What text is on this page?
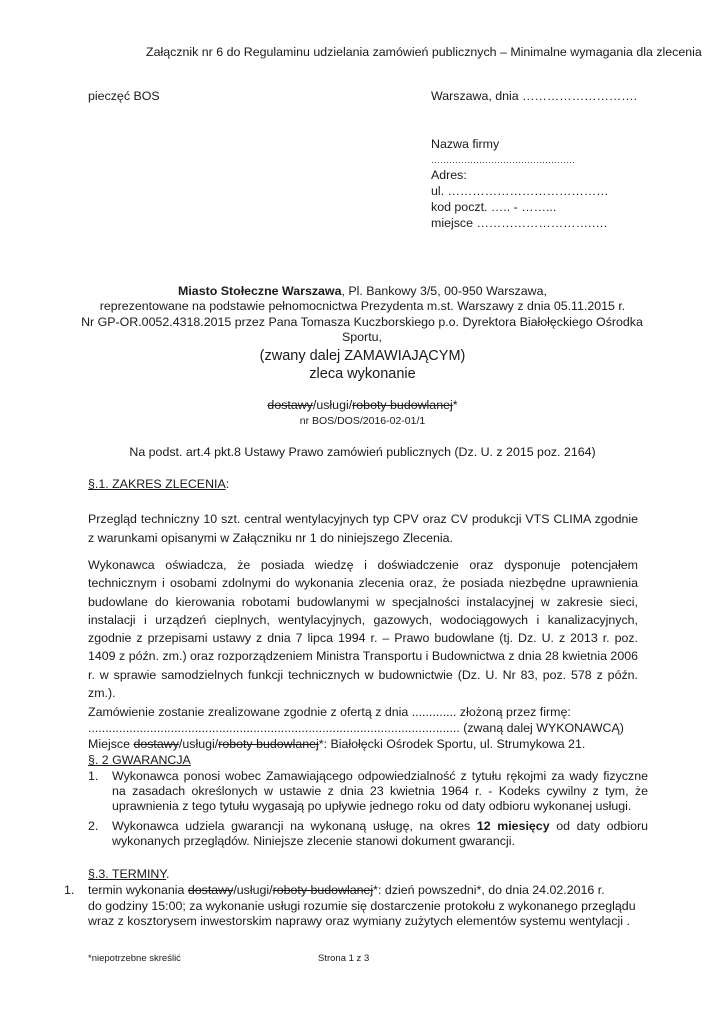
Załącznik nr 6 do Regulaminu udzielania zamówień publicznych – Minimalne wymagania dla zlecenia
pieczęć BOS	Warszawa, dnia ……………………….
Nazwa firmy
…………………………………………
Adres:
ul. …………………………………
kod poczt. ….. - ……...
miejsce ……………………….….
Miasto Stołeczne Warszawa, Pl. Bankowy 3/5, 00-950 Warszawa,
reprezentowane na podstawie pełnomocnictwa Prezydenta m.st. Warszawy z dnia 05.11.2015 r.
Nr GP-OR.0052.4318.2015 przez Pana Tomasza Kuczborskiego p.o. Dyrektora Białołęckiego Ośrodka Sportu,
(zwany dalej ZAMAWIAJĄCYM)
zleca wykonanie
dostawy/usługi/roboty budowlanej*
nr BOS/DOS/2016-02-01/1
Na podst. art.4 pkt.8 Ustawy Prawo zamówień publicznych (Dz. U. z 2015 poz. 2164)
§.1. ZAKRES ZLECENIA:
Przegląd techniczny 10 szt. central wentylacyjnych typ CPV oraz CV produkcji VTS CLIMA zgodnie z warunkami opisanymi w Załączniku nr 1 do niniejszego Zlecenia.
Wykonawca oświadcza, że posiada wiedzę i doświadczenie oraz dysponuje potencjałem technicznym i osobami zdolnymi do wykonania zlecenia oraz, że posiada niezbędne uprawnienia budowlane do kierowania robotami budowlanymi w specjalności instalacyjnej w zakresie sieci, instalacji i urządzeń cieplnych, wentylacyjnych, gazowych, wodociągowych i kanalizacyjnych, zgodnie z przepisami ustawy z dnia 7 lipca 1994 r. – Prawo budowlane (tj. Dz. U. z 2013 r. poz. 1409 z późn. zm.) oraz rozporządzeniem Ministra Transportu i Budownictwa z dnia 28 kwietnia 2006 r. w sprawie samodzielnych funkcji technicznych w budownictwie (Dz. U. Nr 83, poz. 578 z późn. zm.).
Zamówienie zostanie zrealizowane zgodnie z ofertą z dnia ............. złożoną przez firmę:
............................................................................................................ (zwaną dalej WYKONAWCĄ)
Miejsce dostawy/usługi/roboty budowlanej*: Białołęcki Ośrodek Sportu, ul. Strumykowa 21.
§. 2 GWARANCJA
1.	Wykonawca ponosi wobec Zamawiającego odpowiedzialność z tytułu rękojmi za wady fizyczne na zasadach określonych w ustawie z dnia 23 kwietnia 1964 r. - Kodeks cywilny z tym, że uprawnienia z tego tytułu wygasają po upływie jednego roku od daty odbioru wykonanej usługi.
2.	Wykonawca udziela gwarancji na wykonaną usługę, na okres 12 miesięcy od daty odbioru wykonanych przeglądów. Niniejsze zlecenie stanowi dokument gwarancji.
§.3. TERMINY.
1. termin wykonania dostawy/usługi/roboty budowlanej*: dzień powszedni*, do dnia 24.02.2016 r.
do godziny 15:00; za wykonanie usługi rozumie się dostarczenie protokołu z wykonanego przeglądu wraz z kosztorysem inwestorskim naprawy oraz wymiany zużytych elementów systemu wentylacji .
*niepotrzebne skreślić	Strona 1 z 3
